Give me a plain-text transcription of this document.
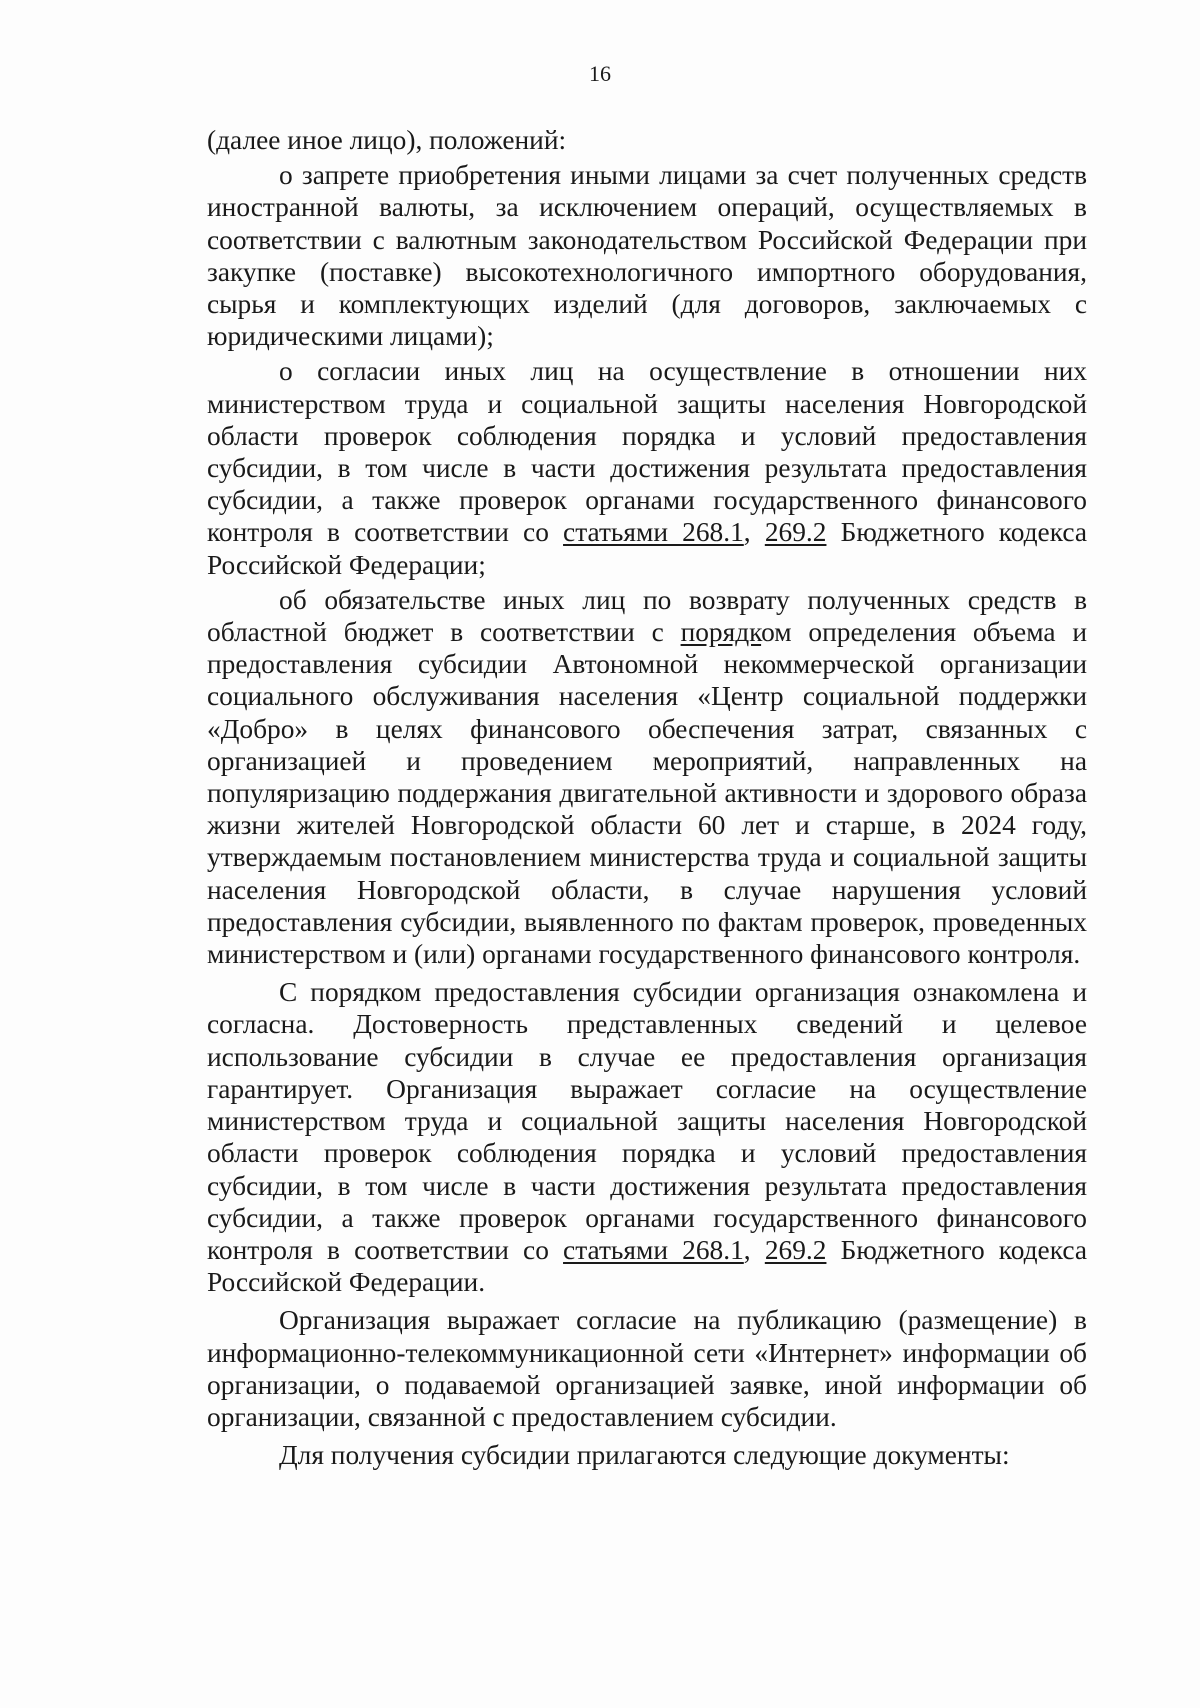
16

(далее иное лицо), положений:

о запрете приобретения иными лицами за счет полученных средств иностранной валюты, за исключением операций, осуществляемых в соответствии с валютным законодательством Российской Федерации при закупке (поставке) высокотехнологичного импортного оборудования, сырья и комплектующих изделий (для договоров, заключаемых с юридическими лицами);

о согласии иных лиц на осуществление в отношении них министерством труда и социальной защиты населения Новгородской области проверок соблюдения порядка и условий предоставления субсидии, в том числе в части достижения результата предоставления субсидии, а также проверок органами государственного финансового контроля в соответствии со статьями 268.1, 269.2 Бюджетного кодекса Российской Федерации;

об обязательстве иных лиц по возврату полученных средств в областной бюджет в соответствии с порядком определения объема и предоставления субсидии Автономной некоммерческой организации социального обслуживания населения «Центр социальной поддержки «Добро» в целях финансового обеспечения затрат, связанных с организацией и проведением мероприятий, направленных на популяризацию поддержания двигательной активности и здорового образа жизни жителей Новгородской области 60 лет и старше, в 2024 году, утверждаемым постановлением министерства труда и социальной защиты населения Новгородской области, в случае нарушения условий предоставления субсидии, выявленного по фактам проверок, проведенных министерством и (или) органами государственного финансового контроля.

С порядком предоставления субсидии организация ознакомлена и согласна. Достоверность представленных сведений и целевое использование субсидии в случае ее предоставления организация гарантирует. Организация выражает согласие на осуществление министерством труда и социальной защиты населения Новгородской области проверок соблюдения порядка и условий предоставления субсидии, в том числе в части достижения результата предоставления субсидии, а также проверок органами государственного финансового контроля в соответствии со статьями 268.1, 269.2 Бюджетного кодекса Российской Федерации.

Организация выражает согласие на публикацию (размещение) в информационно-телекоммуникационной сети «Интернет» информации об организации, о подаваемой организацией заявке, иной информации об организации, связанной с предоставлением субсидии.

Для получения субсидии прилагаются следующие документы:
